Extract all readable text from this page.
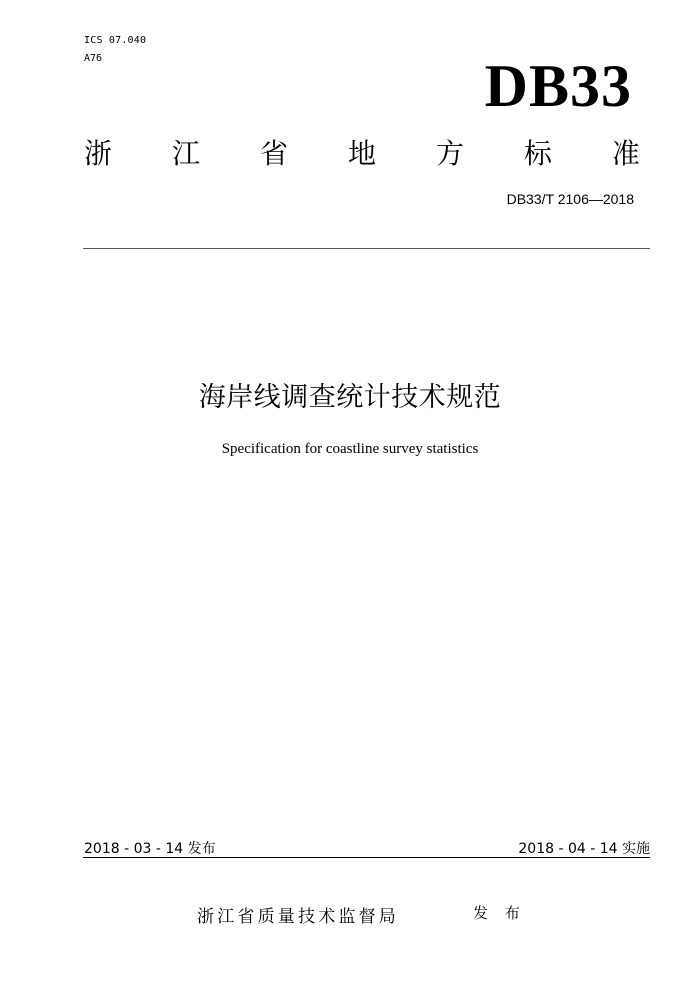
ICS 07.040
A76	DB33
浙 江 省 地 方 标 准
DB33/T 2106—2018
海岸线调查统计技术规范
Specification for coastline survey statistics
2018 - 03 - 14 发布	2018 - 04 - 14 实施
浙江省质量技术监督局	发 布
